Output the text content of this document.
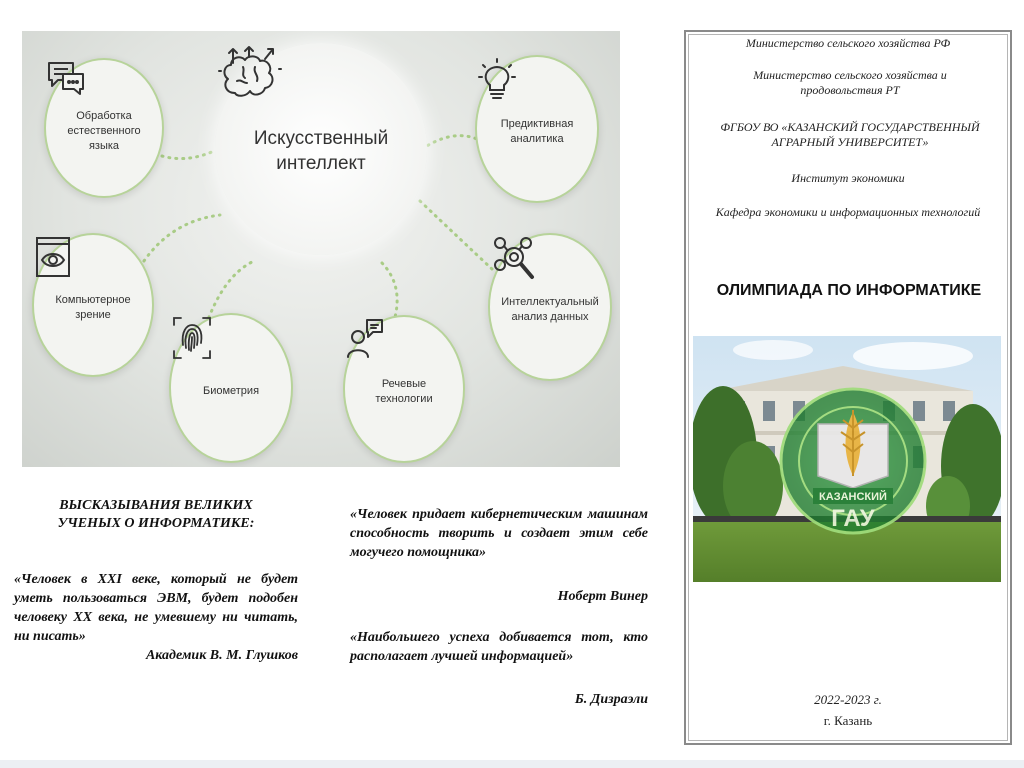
Искусственный
интеллект
Обработка
естественного
языка
Предиктивная
аналитика
Компьютерное
зрение
Интеллектуальный
анализ данных
Биометрия
Речевые
технологии
ВЫСКАЗЫВАНИЯ ВЕЛИКИХ УЧЕНЫХ О ИНФОРМАТИКЕ:
«Человек в XXI веке, который не будет уметь пользоваться ЭВМ, будет подобен человеку XX века, не умевшему ни читать, ни писать»
Академик В. М. Глушков
«Человек придает кибернетическим машинам способность творить и создает этим себе могучего помощника»
Нобер​т Винер
«Наибольшего успеха добивается тот, кто располагает лучшей информацией»
Б. Дизраэли
Министерство сельского хозяйства РФ
Министерство сельского хозяйства и продовольствия РТ
ФГБОУ ВО «КАЗАНСКИЙ ГОСУДАРСТВЕННЫЙ АГРАРНЫЙ УНИВЕРСИТЕТ»
Институт экономики
Кафедра экономики и информационных технологий
ОЛИМПИАДА ПО ИНФОРМАТИКЕ
КАЗАНСКИЙ
ГАУ
2022-2023 г.
г. Казань
